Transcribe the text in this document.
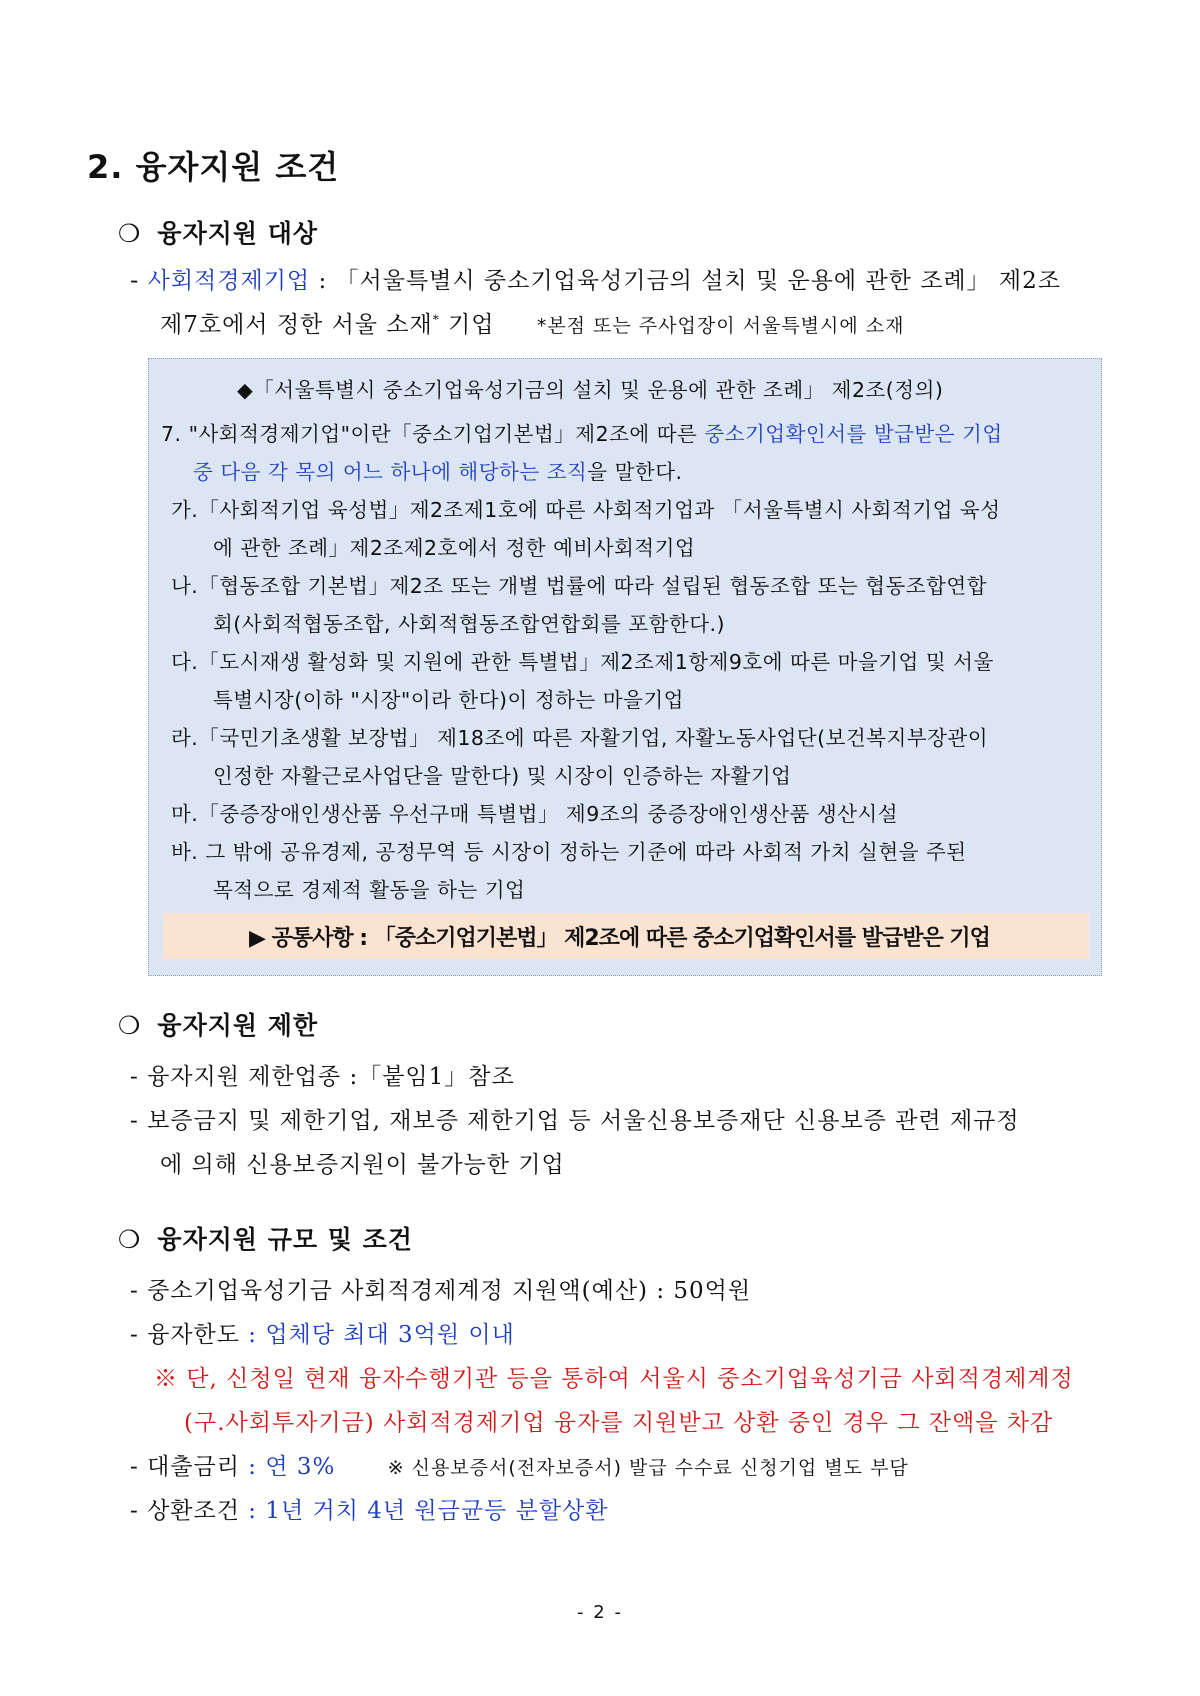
2. 융자지원 조건
❍ 융자지원 대상
- 사회적경제기업 : 「서울특별시 중소기업육성기금의 설치 및 운용에 관한 조례」 제2조
제7호에서 정한 서울 소재* 기업 *본점 또는 주사업장이 서울특별시에 소재
◆「서울특별시 중소기업육성기금의 설치 및 운용에 관한 조례」 제2조(정의)
7. "사회적경제기업"이란「중소기업기본법」제2조에 따른 중소기업확인서를 발급받은 기업
중 다음 각 목의 어느 하나에 해당하는 조직을 말한다.
가.「사회적기업 육성법」제2조제1호에 따른 사회적기업과 「서울특별시 사회적기업 육성
에 관한 조례」제2조제2호에서 정한 예비사회적기업
나.「협동조합 기본법」제2조 또는 개별 법률에 따라 설립된 협동조합 또는 협동조합연합
회(사회적협동조합, 사회적협동조합연합회를 포함한다.)
다.「도시재생 활성화 및 지원에 관한 특별법」제2조제1항제9호에 따른 마을기업 및 서울
특별시장(이하 "시장"이라 한다)이 정하는 마을기업
라.「국민기초생활 보장법」 제18조에 따른 자활기업, 자활노동사업단(보건복지부장관이
인정한 자활근로사업단을 말한다) 및 시장이 인증하는 자활기업
마.「중증장애인생산품 우선구매 특별법」 제9조의 중증장애인생산품 생산시설
바. 그 밖에 공유경제, 공정무역 등 시장이 정하는 기준에 따라 사회적 가치 실현을 주된
목적으로 경제적 활동을 하는 기업
▶ 공통사항 : 「중소기업기본법」 제2조에 따른 중소기업확인서를 발급받은 기업
❍ 융자지원 제한
- 융자지원 제한업종 :「붙임1」참조
- 보증금지 및 제한기업, 재보증 제한기업 등 서울신용보증재단 신용보증 관련 제규정
에 의해 신용보증지원이 불가능한 기업
❍ 융자지원 규모 및 조건
- 중소기업육성기금 사회적경제계정 지원액(예산) : 50억원
- 융자한도 : 업체당 최대 3억원 이내
※ 단, 신청일 현재 융자수행기관 등을 통하여 서울시 중소기업육성기금 사회적경제계정
(구.사회투자기금) 사회적경제기업 융자를 지원받고 상환 중인 경우 그 잔액을 차감
- 대출금리 : 연 3%	※ 신용보증서(전자보증서) 발급 수수료 신청기업 별도 부담
- 상환조건 : 1년 거치 4년 원금균등 분할상환
- 2 -
